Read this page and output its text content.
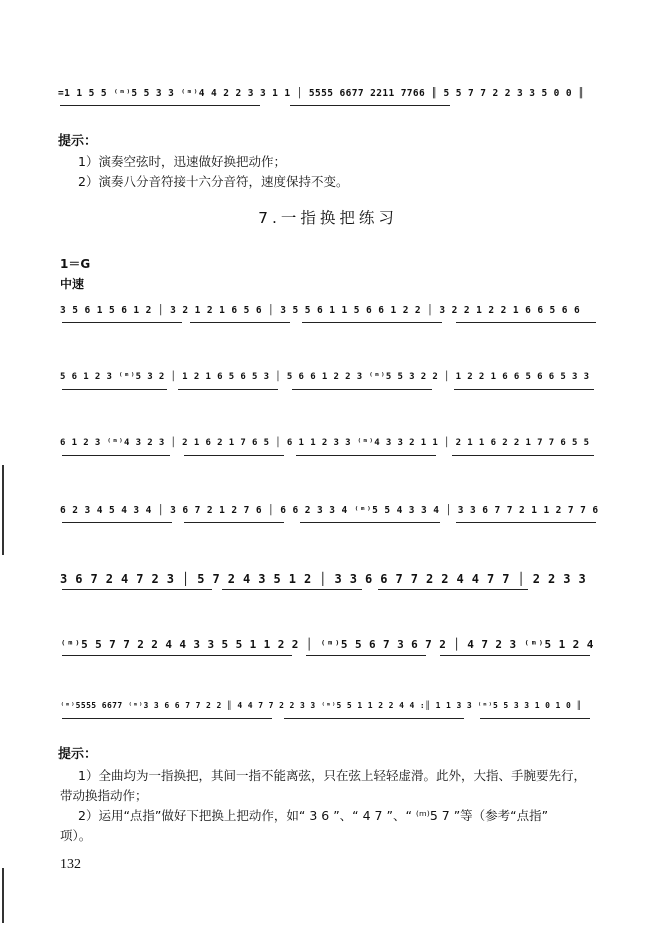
=1 1 5 5 ⁽ᵐ⁾5 5 3 3 ⁽ᵐ⁾4 4 2 2 3 3 1 1 │ 5555 6677 2211 7766 ║ 5 5 7 7 2 2 3 3 5 0 0 ║
提示：
1）演奏空弦时，迅速做好换把动作；
2）演奏八分音符接十六分音符，速度保持不变。
7.一指换把练习
1＝G
中速
3 5 6 1 5 6 1 2 │ 3 2 1 2 1 6 5 6 │ 3 5 5 6 1 1 5 6 6 1 2 2 │ 3 2 2 1 2 2 1 6 6 5 6 6
5 6 1 2 3 ⁽ᵐ⁾5 3 2 │ 1 2 1 6 5 6 5 3 │ 5 6 6 1 2 2 3 ⁽ᵐ⁾5 5 3 2 2 │ 1 2 2 1 6 6 5 6 6 5 3 3
6 1 2 3 ⁽ᵐ⁾4 3 2 3 │ 2 1 6 2 1 7 6 5 │ 6 1 1 2 3 3 ⁽ᵐ⁾4 3 3 2 1 1 │ 2 1 1 6 2 2 1 7 7 6 5 5
6 2 3 4 5 4 3 4 │ 3 6 7 2 1 2 7 6 │ 6 6 2 3 3 4 ⁽ᵐ⁾5 5 4 3 3 4 │ 3 3 6 7 7 2 1 1 2 7 7 6
3 6 7 2 4 7 2 3 │ 5 7 2 4 3 5 1 2 │ 3 3 6 6 7 7 2 2 4 4 7 7 │ 2 2 3 3
⁽ᵐ⁾5 5 7 7 2 2 4 4 3 3 5 5 1 1 2 2 │ ⁽ᵐ⁾5 5 6 7 3 6 7 2 │ 4 7 2 3 ⁽ᵐ⁾5 1 2 4
⁽ᵐ⁾5555 6677 ⁽ᵐ⁾3 3 6 6 7 7 2 2 ║ 4 4 7 7 2 2 3 3 ⁽ᵐ⁾5 5 1 1 2 2 4 4 :║ 1 1 3 3 ⁽ᵐ⁾5 5 3 3 1 0 1 0 ║
提示：
1）全曲均为一指换把，其间一指不能离弦，只在弦上轻轻虚滑。此外，大指、手腕要先行，
带动换指动作；
2）运用“点指”做好下把换上把动作，如“ 3 6 ”、“ 4 7 ”、“ ⁽ᵐ⁾5 7 ”等（参考“点指”
项）。
132
